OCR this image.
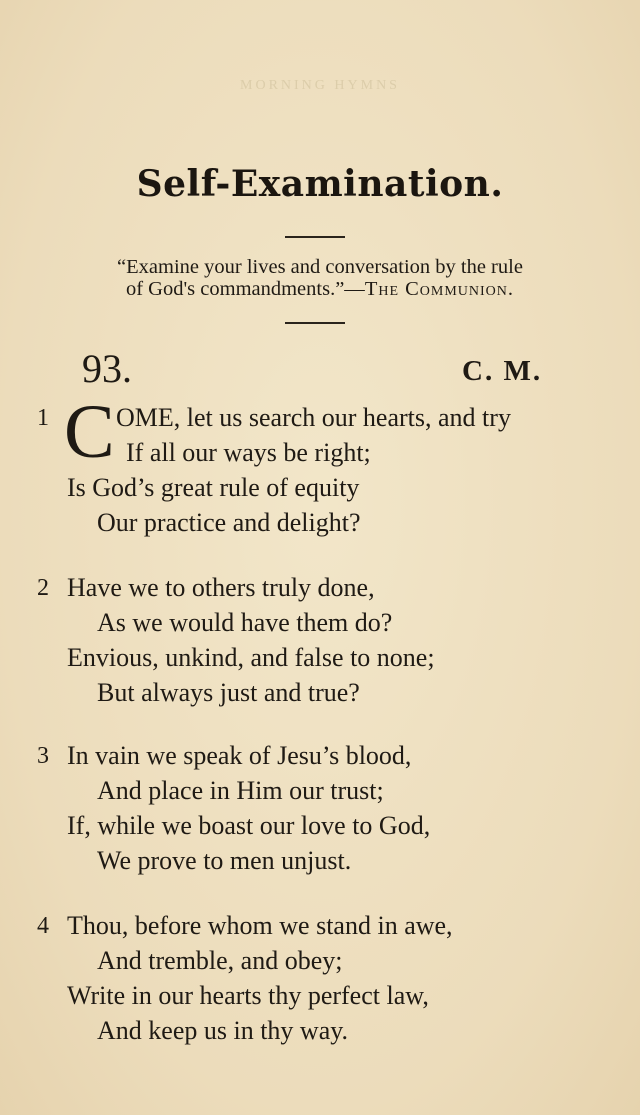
MORNING HYMNS
Self-Examination.
“Examine your lives and conversation by the rule
of God's commandments.”—The Communion.
93.	C. M.
1 C OME, let us search our hearts, and try
If all our ways be right;
Is God’s great rule of equity
Our practice and delight?
2 Have we to others truly done,
As we would have them do?
Envious, unkind, and false to none;
But always just and true?
3 In vain we speak of Jesu’s blood,
And place in Him our trust;
If, while we boast our love to God,
We prove to men unjust.
4 Thou, before whom we stand in awe,
And tremble, and obey;
Write in our hearts thy perfect law,
And keep us in thy way.
